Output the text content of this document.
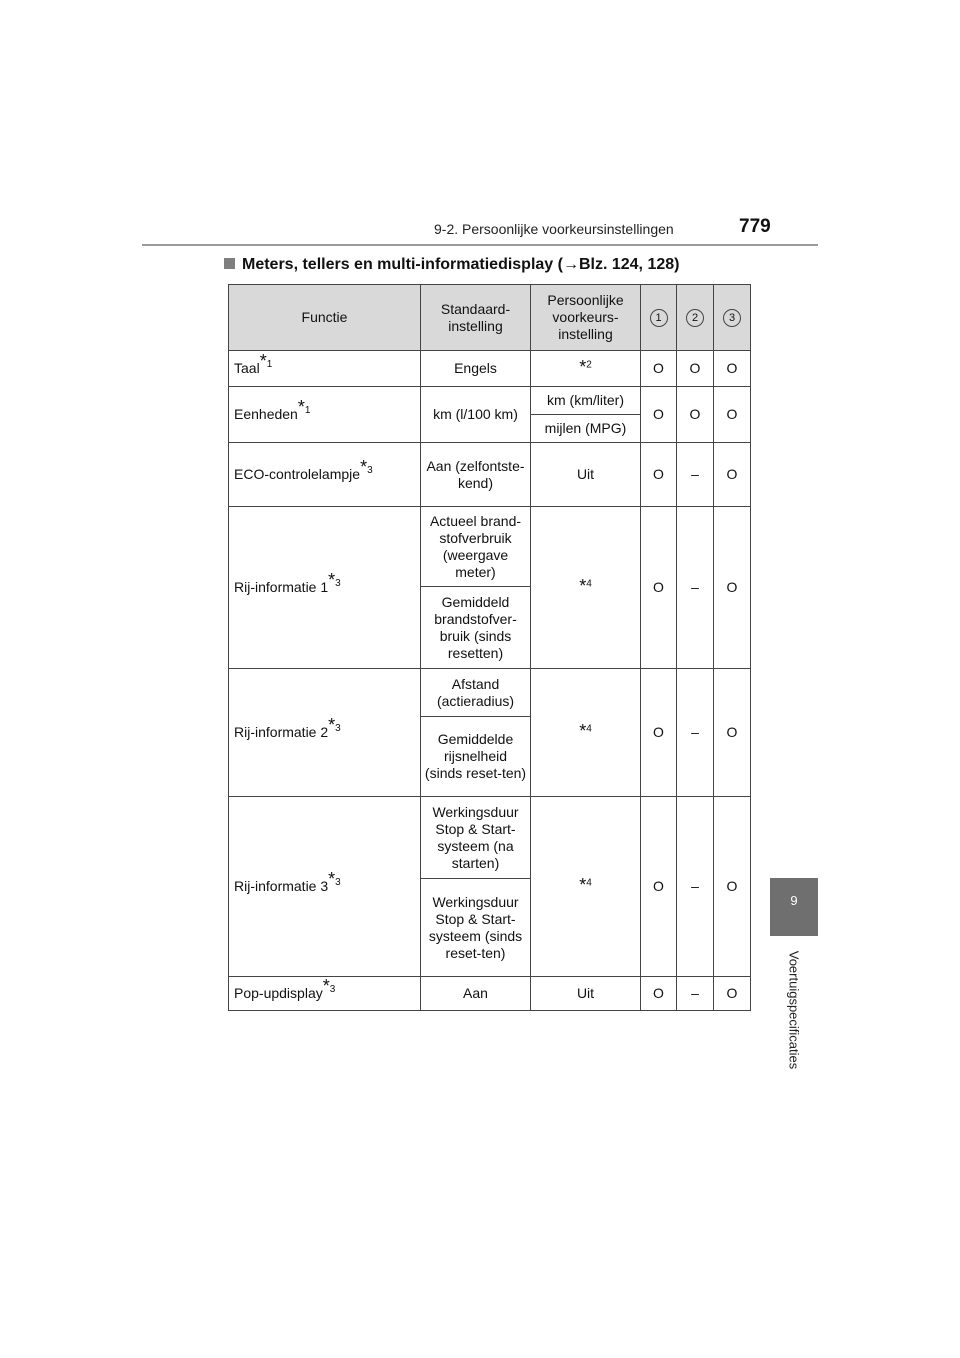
9-2. Persoonlijke voorkeursinstellingen	779
Meters, tellers en multi-informatiedisplay (→Blz. 124, 128)
9
Voertuigspecificaties
Functie	Standaard-instelling	Persoonlijke voorkeurs-instelling	1	2	3
Taal$^{*1}$	Engels	*$^2$	O	O	O
Eenheden$^{*1}$	km (l/100 km)	km (km/liter)	O	O	O
		mijlen (MPG)			
ECO-controlelampje$^{*3}$	Aan (zelfontste-kend)	Uit	O	–	O
Rij-informatie 1$^{*3}$	Actueel brand-stofverbruik (weergave meter)	*$^4$	O	–	O
	Gemiddeld brandstofver-bruik (sinds resetten)				
Rij-informatie 2$^{*3}$	Afstand (actieradius)	*$^4$	O	–	O
	Gemiddelde rijsnelheid (sinds reset-ten)				
Rij-informatie 3$^{*3}$	Werkingsduur Stop & Start-systeem (na starten)	*$^4$	O	–	O
	Werkingsduur Stop & Start-systeem (sinds reset-ten)				
Pop-updisplay$^{*3}$	Aan	Uit	O	–	O
